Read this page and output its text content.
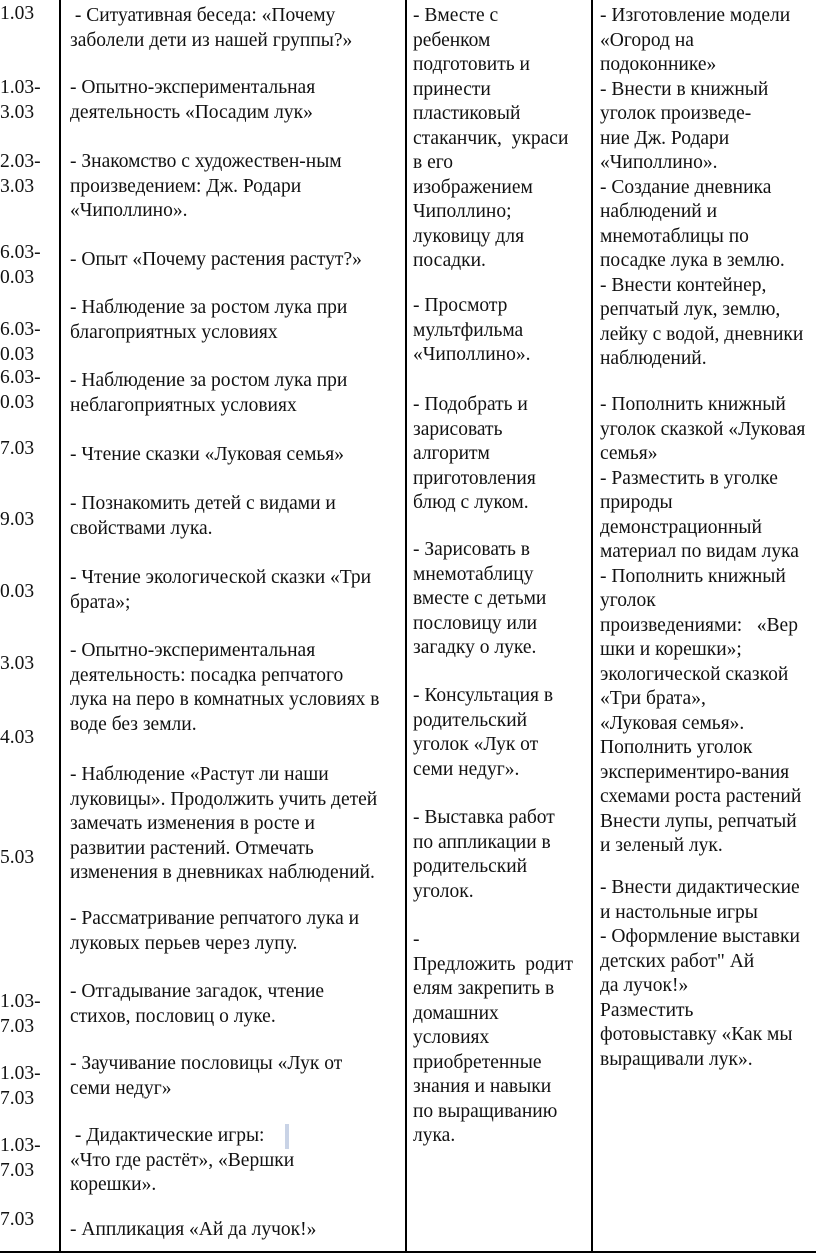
1.03
1.03-
3.03
2.03-
3.03
6.03-
0.03
6.03-
0.03
6.03-
0.03
7.03
9.03
0.03
3.03
4.03
5.03
1.03-
7.03
1.03-
7.03
1.03-
7.03
7.03
- Ситуативная беседа: «Почему
заболели дети из нашей группы?»
- Опытно-экспериментальная
деятельность «Посадим лук»
- Знакомство с художествен-ным
произведением: Дж. Родари
«Чиполлино».
- Опыт «Почему растения растут?»
- Наблюдение за ростом лука при
благоприятных условиях
- Наблюдение за ростом лука при
неблагоприятных условиях
- Чтение сказки «Луковая семья»
- Познакомить детей с видами и
свойствами лука.
- Чтение экологической сказки «Три
брата»;
- Опытно-экспериментальная
деятельность: посадка репчатого
лука на перо в комнатных условиях в
воде без земли.
- Наблюдение «Растут ли наши
луковицы». Продолжить учить детей
замечать изменения в росте и
развитии растений. Отмечать
изменения в дневниках наблюдений.
- Рассматривание репчатого лука и
луковых перьев через лупу.
- Отгадывание загадок, чтение
стихов, пословиц о луке.
- Заучивание пословицы «Лук от
семи недуг»
- Дидактические игры:
«Что где растёт», «Вершки
корешки».
- Аппликация «Ай да лучок!»
- Вместе с
ребенком
подготовить и
принести
пластиковый
стаканчик,  украси
в его
изображением
Чиполлино;
луковицу для
посадки.
- Просмотр
мультфильма
«Чиполлино».
- Подобрать и
зарисовать
алгоритм
приготовления
блюд с луком.
- Зарисовать в
мнемотаблицу
вместе с детьми
пословицу или
загадку о луке.
- Консультация в
родительский
уголок «Лук от
семи недуг».
- Выставка работ
по аппликации в
родительский
уголок.
-
Предложить  родит
елям закрепить в
домашних
условиях
приобретенные
знания и навыки
по выращиванию
лука.
- Изготовление модели
«Огород на
подоконнике»
- Внести в книжный
уголок произведе-
ние Дж. Родари
«Чиполлино».
- Создание дневника
наблюдений и
мнемотаблицы по
посадке лука в землю.
- Внести контейнер,
репчатый лук, землю,
лейку с водой, дневники
наблюдений.
- Пополнить книжный
уголок сказкой «Луковая
семья»
- Разместить в уголке
природы
демонстрационный
материал по видам лука
- Пополнить книжный
уголок
произведениями:   «Вер
шки и корешки»;
экологической сказкой
«Три брата»,
«Луковая семья».
Пополнить уголок
экспериментиро-вания
схемами роста растений
Внести лупы, репчатый
и зеленый лук.
- Внести дидактические
и настольные игры
- Оформление выставки
детских работ" Ай
да лучок!»
Разместить
фотовыставку «Как мы
выращивали лук».
